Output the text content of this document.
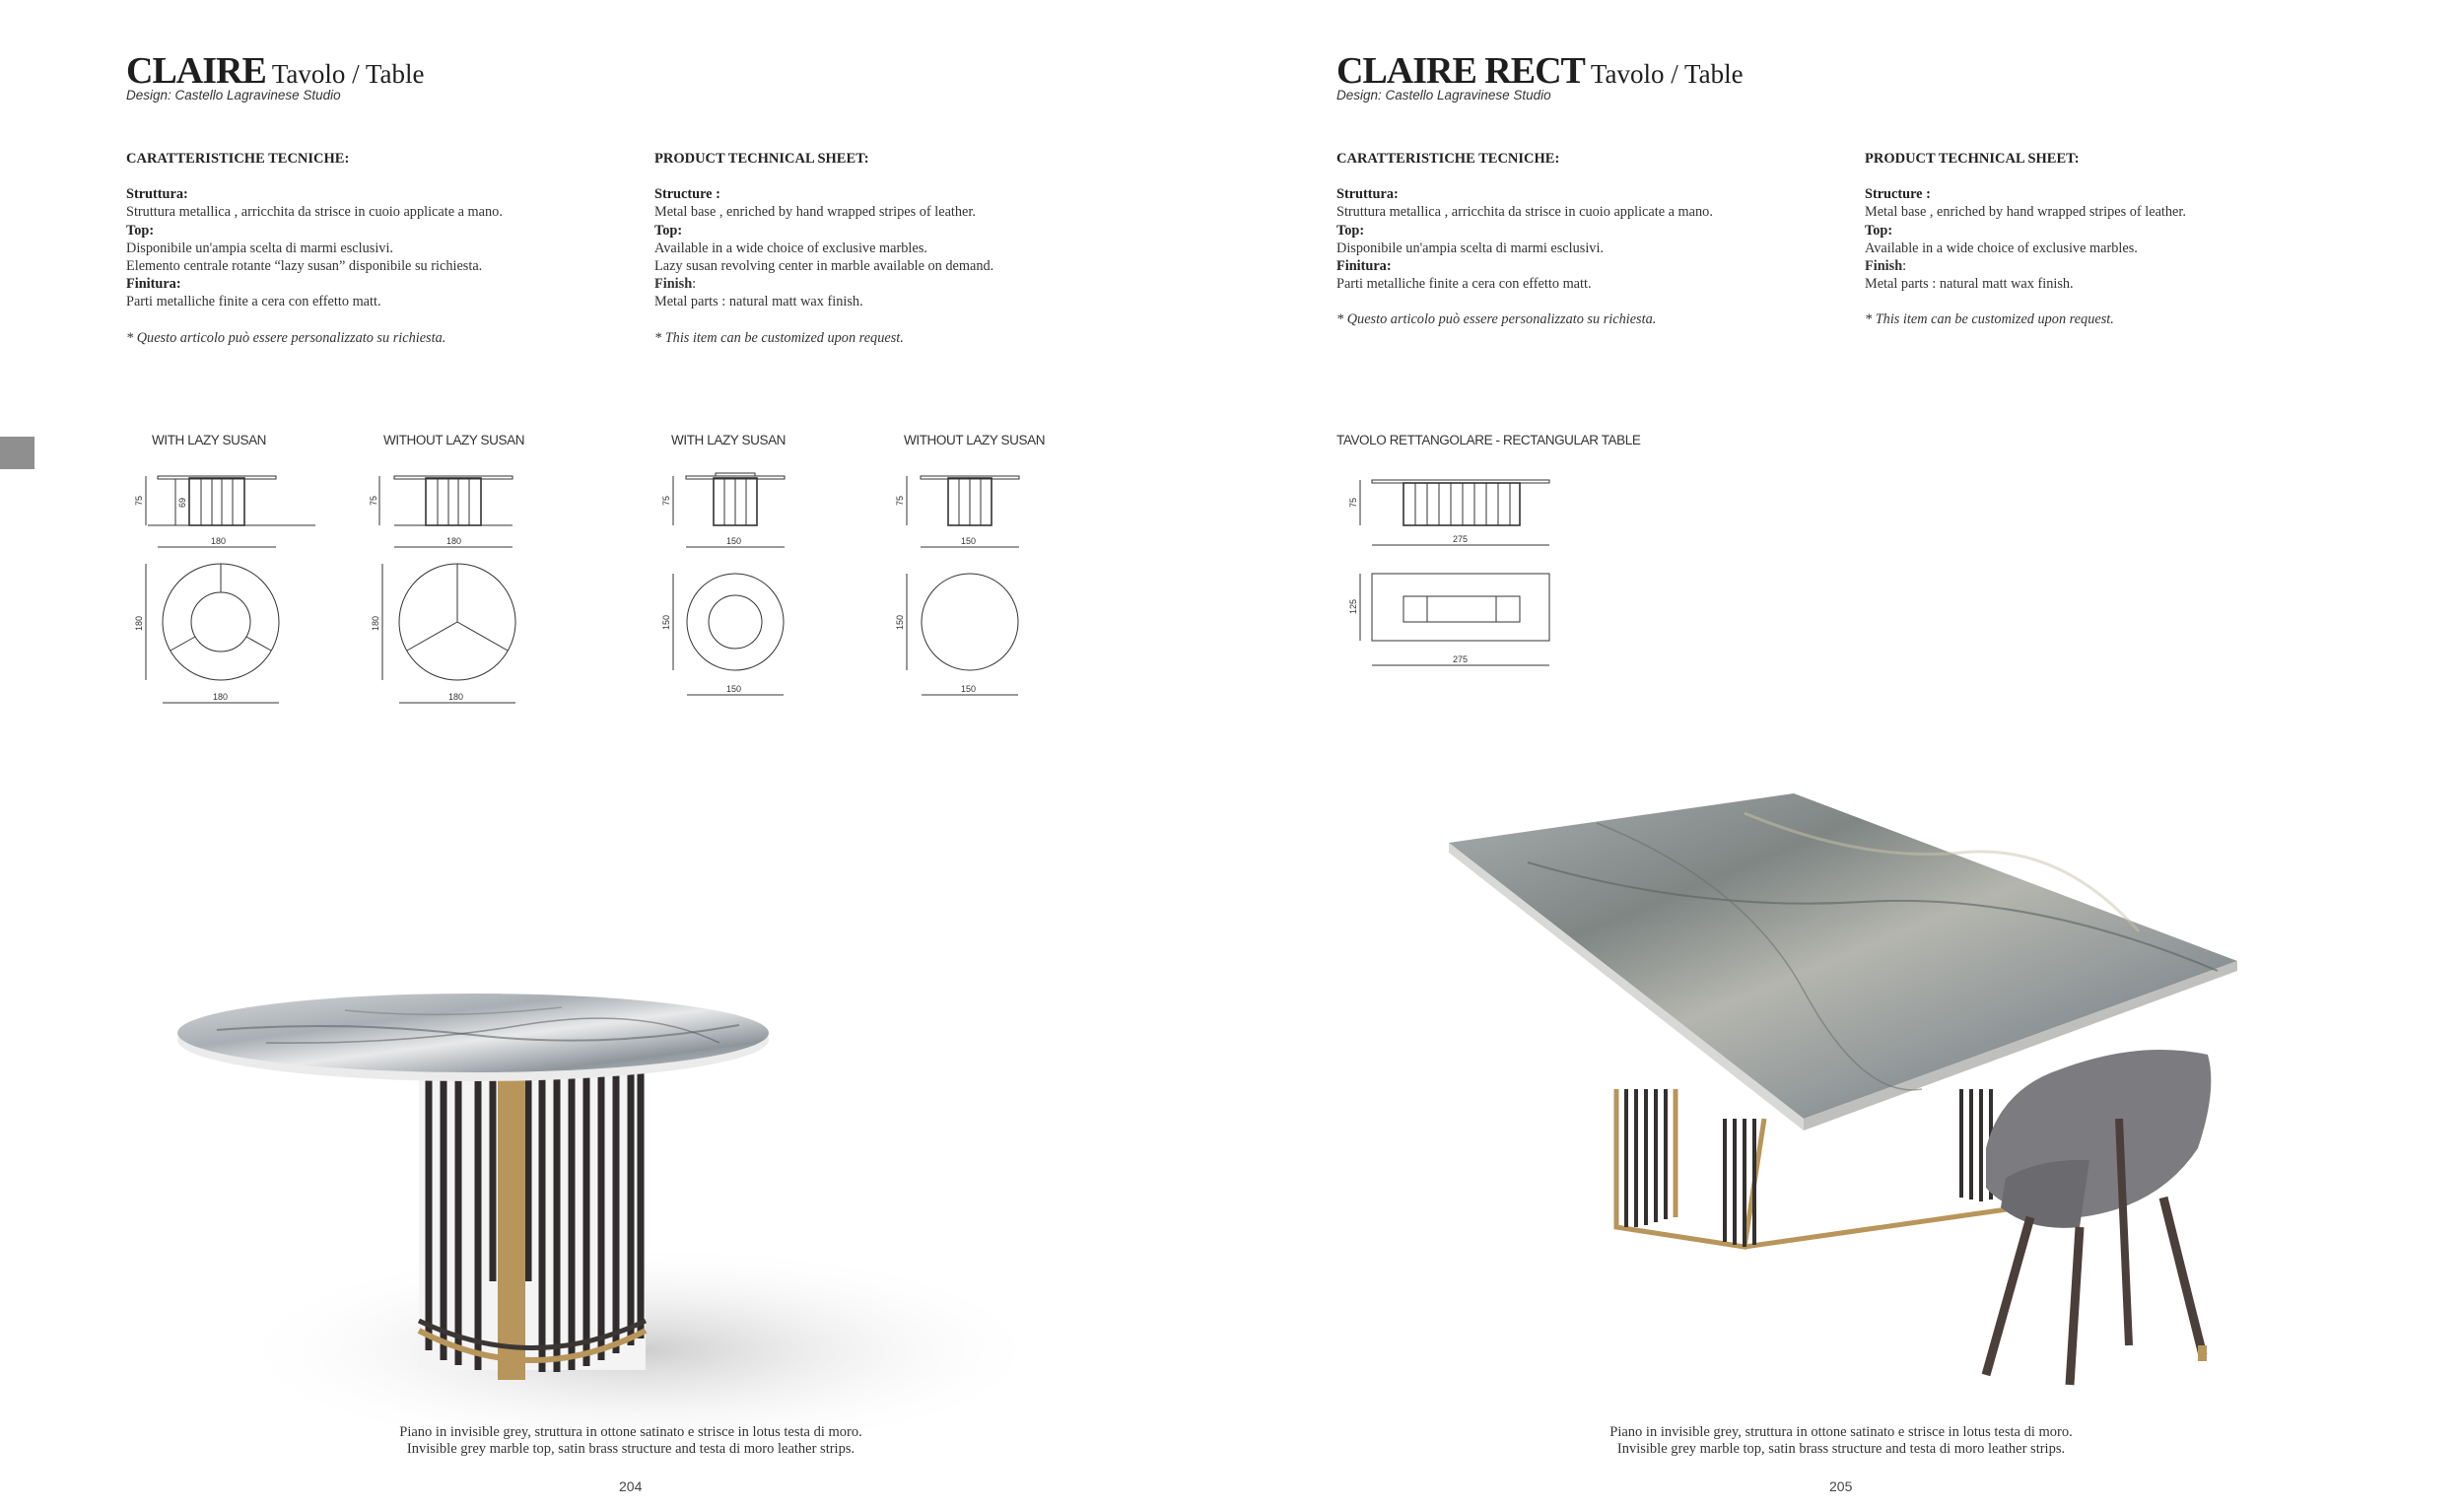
CLAIRE Tavolo / Table
Design: Castello Lagravinese Studio
CARATTERISTICHE TECNICHE:
Struttura:
Struttura metallica , arricchita da strisce in cuoio applicate a mano.
Top:
Disponibile un'ampia scelta di marmi esclusivi.
Elemento centrale rotante “lazy susan” disponibile su richiesta.
Finitura:
Parti metalliche finite a cera con effetto matt.
* Questo articolo può essere personalizzato su richiesta.
PRODUCT TECHNICAL SHEET:
Structure :
Metal base , enriched by hand wrapped stripes of leather.
Top:
Available in a wide choice of exclusive marbles.
Lazy susan revolving center in marble available on demand.
Finish:
Metal parts : natural matt wax finish.
* This item can be customized upon request.
WITH LAZY SUSAN	WITHOUT LAZY SUSAN	WITH LAZY SUSAN	WITHOUT LAZY SUSAN
75	69
180
180
180
75
180
180
180
75
150
150
150
75
150
150
150
Piano in invisible grey, struttura in ottone satinato e strisce in lotus testa di moro.
Invisible grey marble top, satin brass structure and testa di moro leather strips.
204
CLAIRE RECT Tavolo / Table
Design: Castello Lagravinese Studio
CARATTERISTICHE TECNICHE:
Struttura:
Struttura metallica , arricchita da strisce in cuoio applicate a mano.
Top:
Disponibile un'ampia scelta di marmi esclusivi.
Finitura:
Parti metalliche finite a cera con effetto matt.
* Questo articolo può essere personalizzato su richiesta.
PRODUCT TECHNICAL SHEET:
Structure :
Metal base , enriched by hand wrapped stripes of leather.
Top:
Available in a wide choice of exclusive marbles.
Finish:
Metal parts : natural matt wax finish.
* This item can be customized upon request.
TAVOLO RETTANGOLARE - RECTANGULAR TABLE
75
275
125
275
Piano in invisible grey, struttura in ottone satinato e strisce in lotus testa di moro.
Invisible grey marble top, satin brass structure and testa di moro leather strips.
205
